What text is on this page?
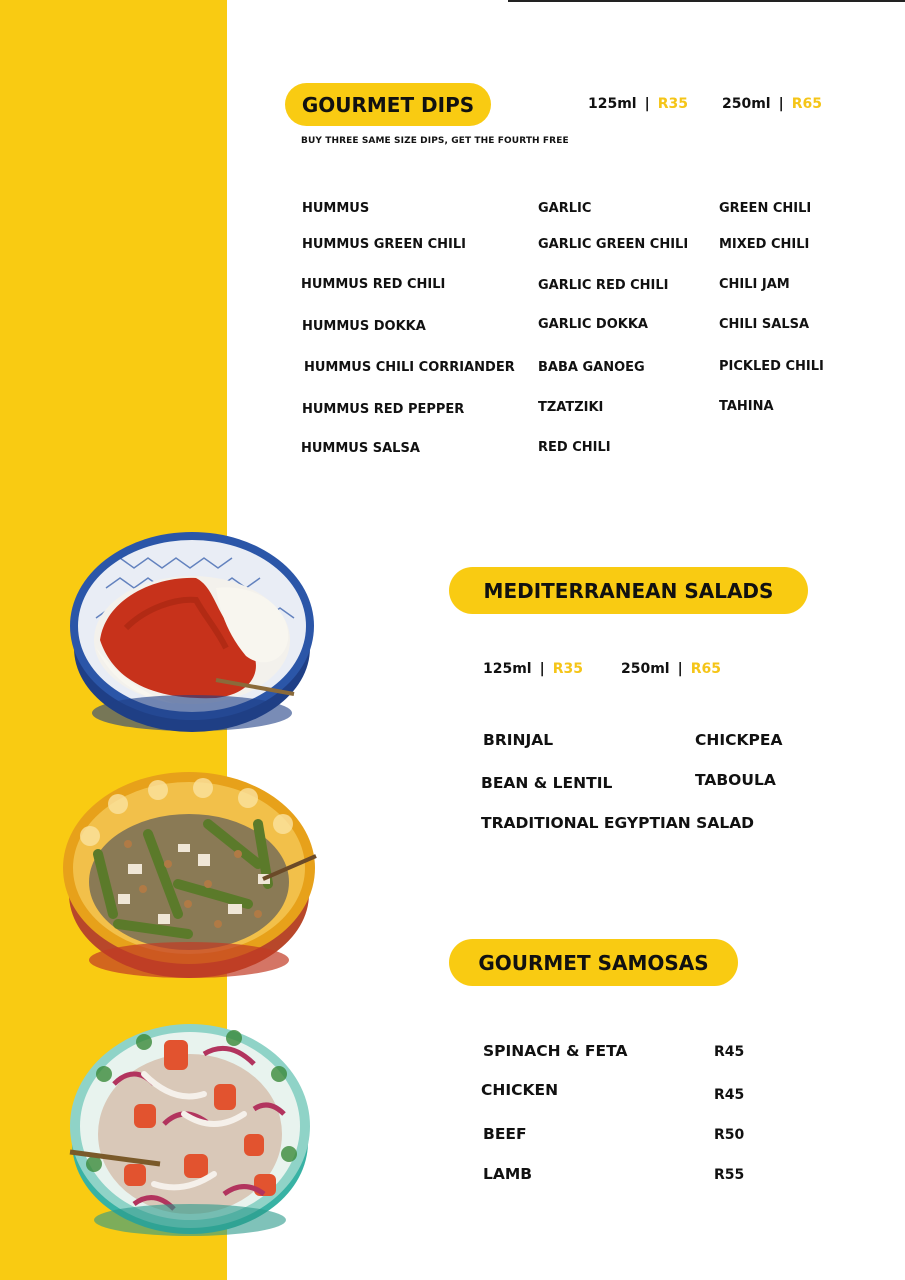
GOURMET DIPS
BUY THREE SAME SIZE DIPS, GET THE FOURTH FREE
125ml | R35 250ml | R65
HUMMUS
HUMMUS GREEN CHILI
HUMMUS RED CHILI
HUMMUS DOKKA
HUMMUS CHILI CORRIANDER
HUMMUS RED PEPPER
HUMMUS SALSA
GARLIC
GARLIC GREEN CHILI
GARLIC RED CHILI
GARLIC DOKKA
BABA GANOEG
TZATZIKI
RED CHILI
GREEN CHILI
MIXED CHILI
CHILI JAM
CHILI SALSA
PICKLED CHILI
TAHINA
MEDITERRANEAN SALADS
125ml | R35	250ml | R65
BRINJAL	CHICKPEA
BEAN & LENTIL	TABOULA
TRADITIONAL EGYPTIAN SALAD
GOURMET SAMOSAS
SPINACH & FETA	R45
CHICKEN	R45
BEEF	R50
LAMB	R55
